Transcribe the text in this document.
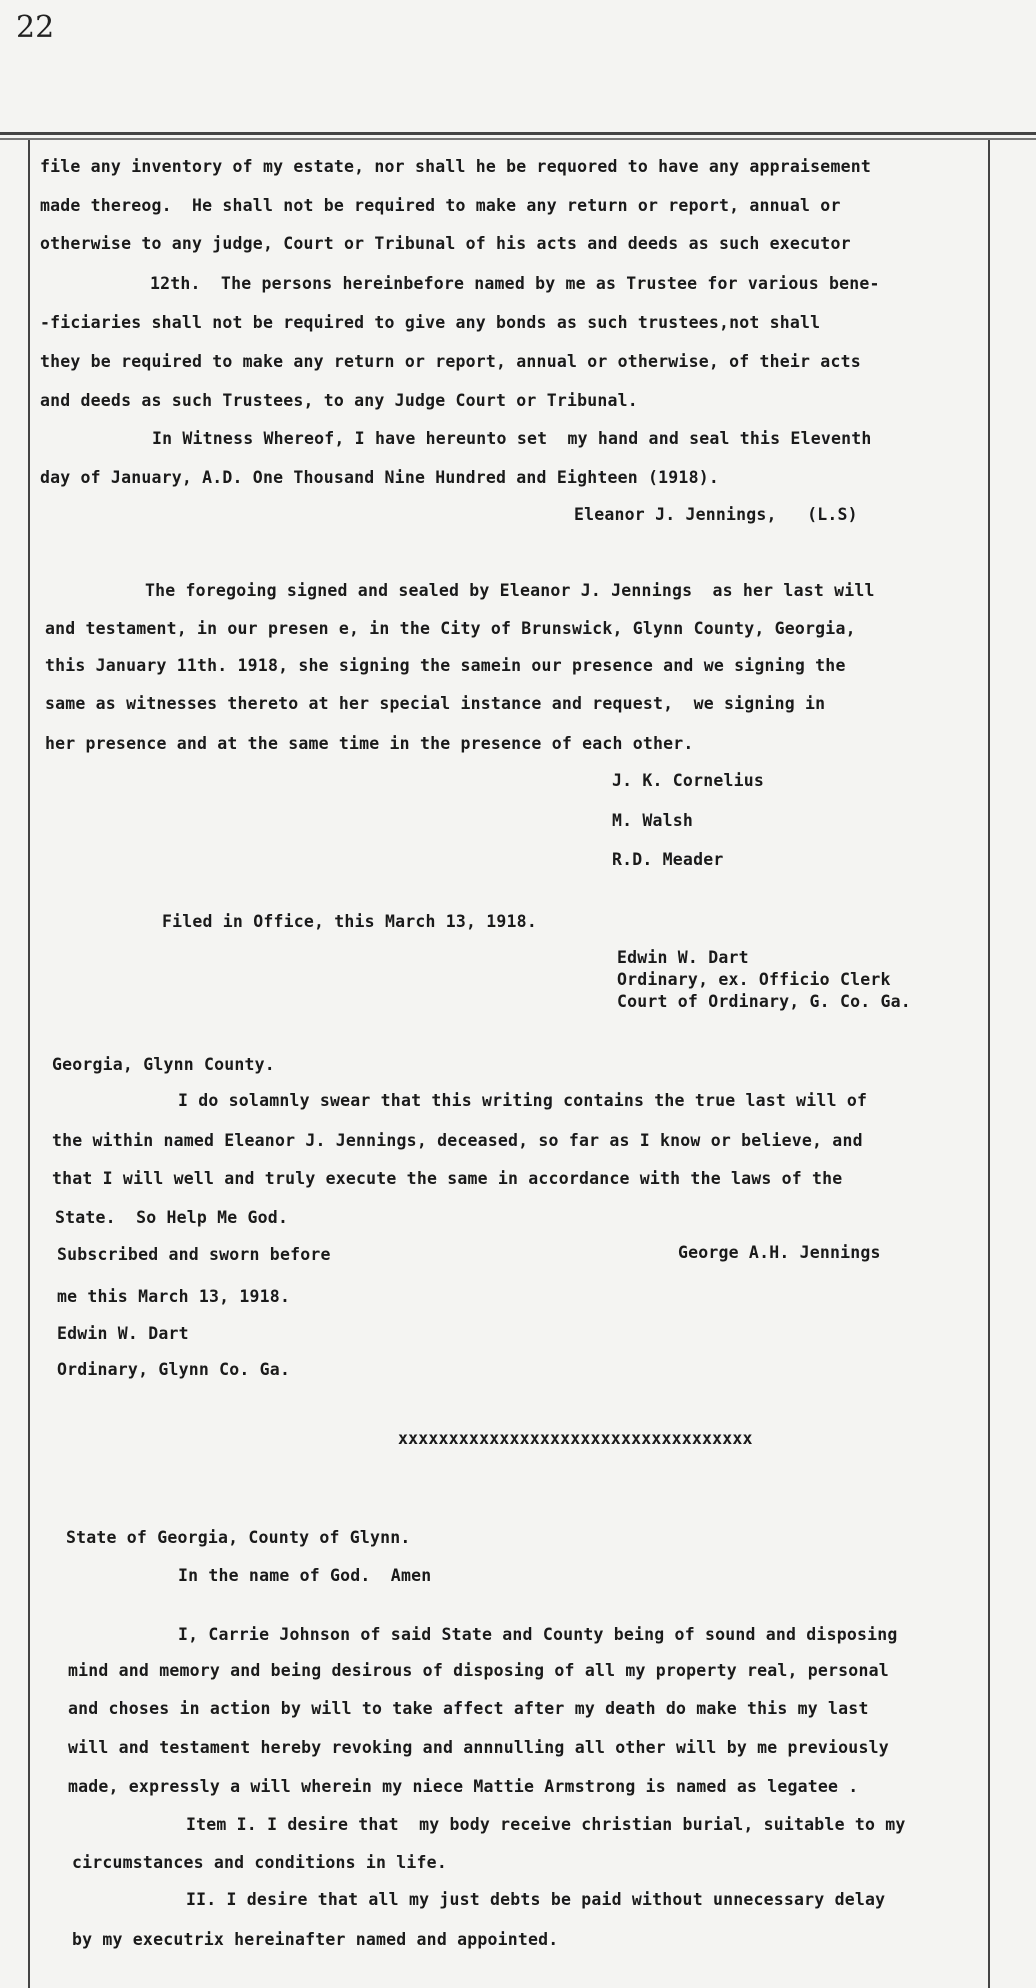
22
file any inventory of my estate, nor shall he be requored to have any appraisement
made thereog.  He shall not be required to make any return or report, annual or
otherwise to any judge, Court or Tribunal of his acts and deeds as such executor
12th.  The persons hereinbefore named by me as Trustee for various bene-
-ficiaries shall not be required to give any bonds as such trustees,not shall
they be required to make any return or report, annual or otherwise, of their acts
and deeds as such Trustees, to any Judge Court or Tribunal.
In Witness Whereof, I have hereunto set  my hand and seal this Eleventh
day of January, A.D. One Thousand Nine Hundred and Eighteen (1918).
Eleanor J. Jennings,   (L.S)
The foregoing signed and sealed by Eleanor J. Jennings  as her last will
and testament, in our presen e, in the City of Brunswick, Glynn County, Georgia,
this January 11th. 1918, she signing the samein our presence and we signing the
same as witnesses thereto at her special instance and request,  we signing in
her presence and at the same time in the presence of each other.
J. K. Cornelius
M. Walsh
R.D. Meader
Filed in Office, this March 13, 1918.
Edwin W. Dart
Ordinary, ex. Officio Clerk
Court of Ordinary, G. Co. Ga.
Georgia, Glynn County.
I do solamnly swear that this writing contains the true last will of
the within named Eleanor J. Jennings, deceased, so far as I know or believe, and
that I will well and truly execute the same in accordance with the laws of the
State.  So Help Me God.
Subscribed and sworn before	George A.H. Jennings
me this March 13, 1918.
Edwin W. Dart
Ordinary, Glynn Co. Ga.
xxxxxxxxxxxxxxxxxxxxxxxxxxxxxxxxxxx
State of Georgia, County of Glynn.
In the name of God.  Amen
I, Carrie Johnson of said State and County being of sound and disposing
mind and memory and being desirous of disposing of all my property real, personal
and choses in action by will to take affect after my death do make this my last
will and testament hereby revoking and annnulling all other will by me previously
made, expressly a will wherein my niece Mattie Armstrong is named as legatee .
Item I. I desire that  my body receive christian burial, suitable to my
circumstances and conditions in life.
II. I desire that all my just debts be paid without unnecessary delay
by my executrix hereinafter named and appointed.
